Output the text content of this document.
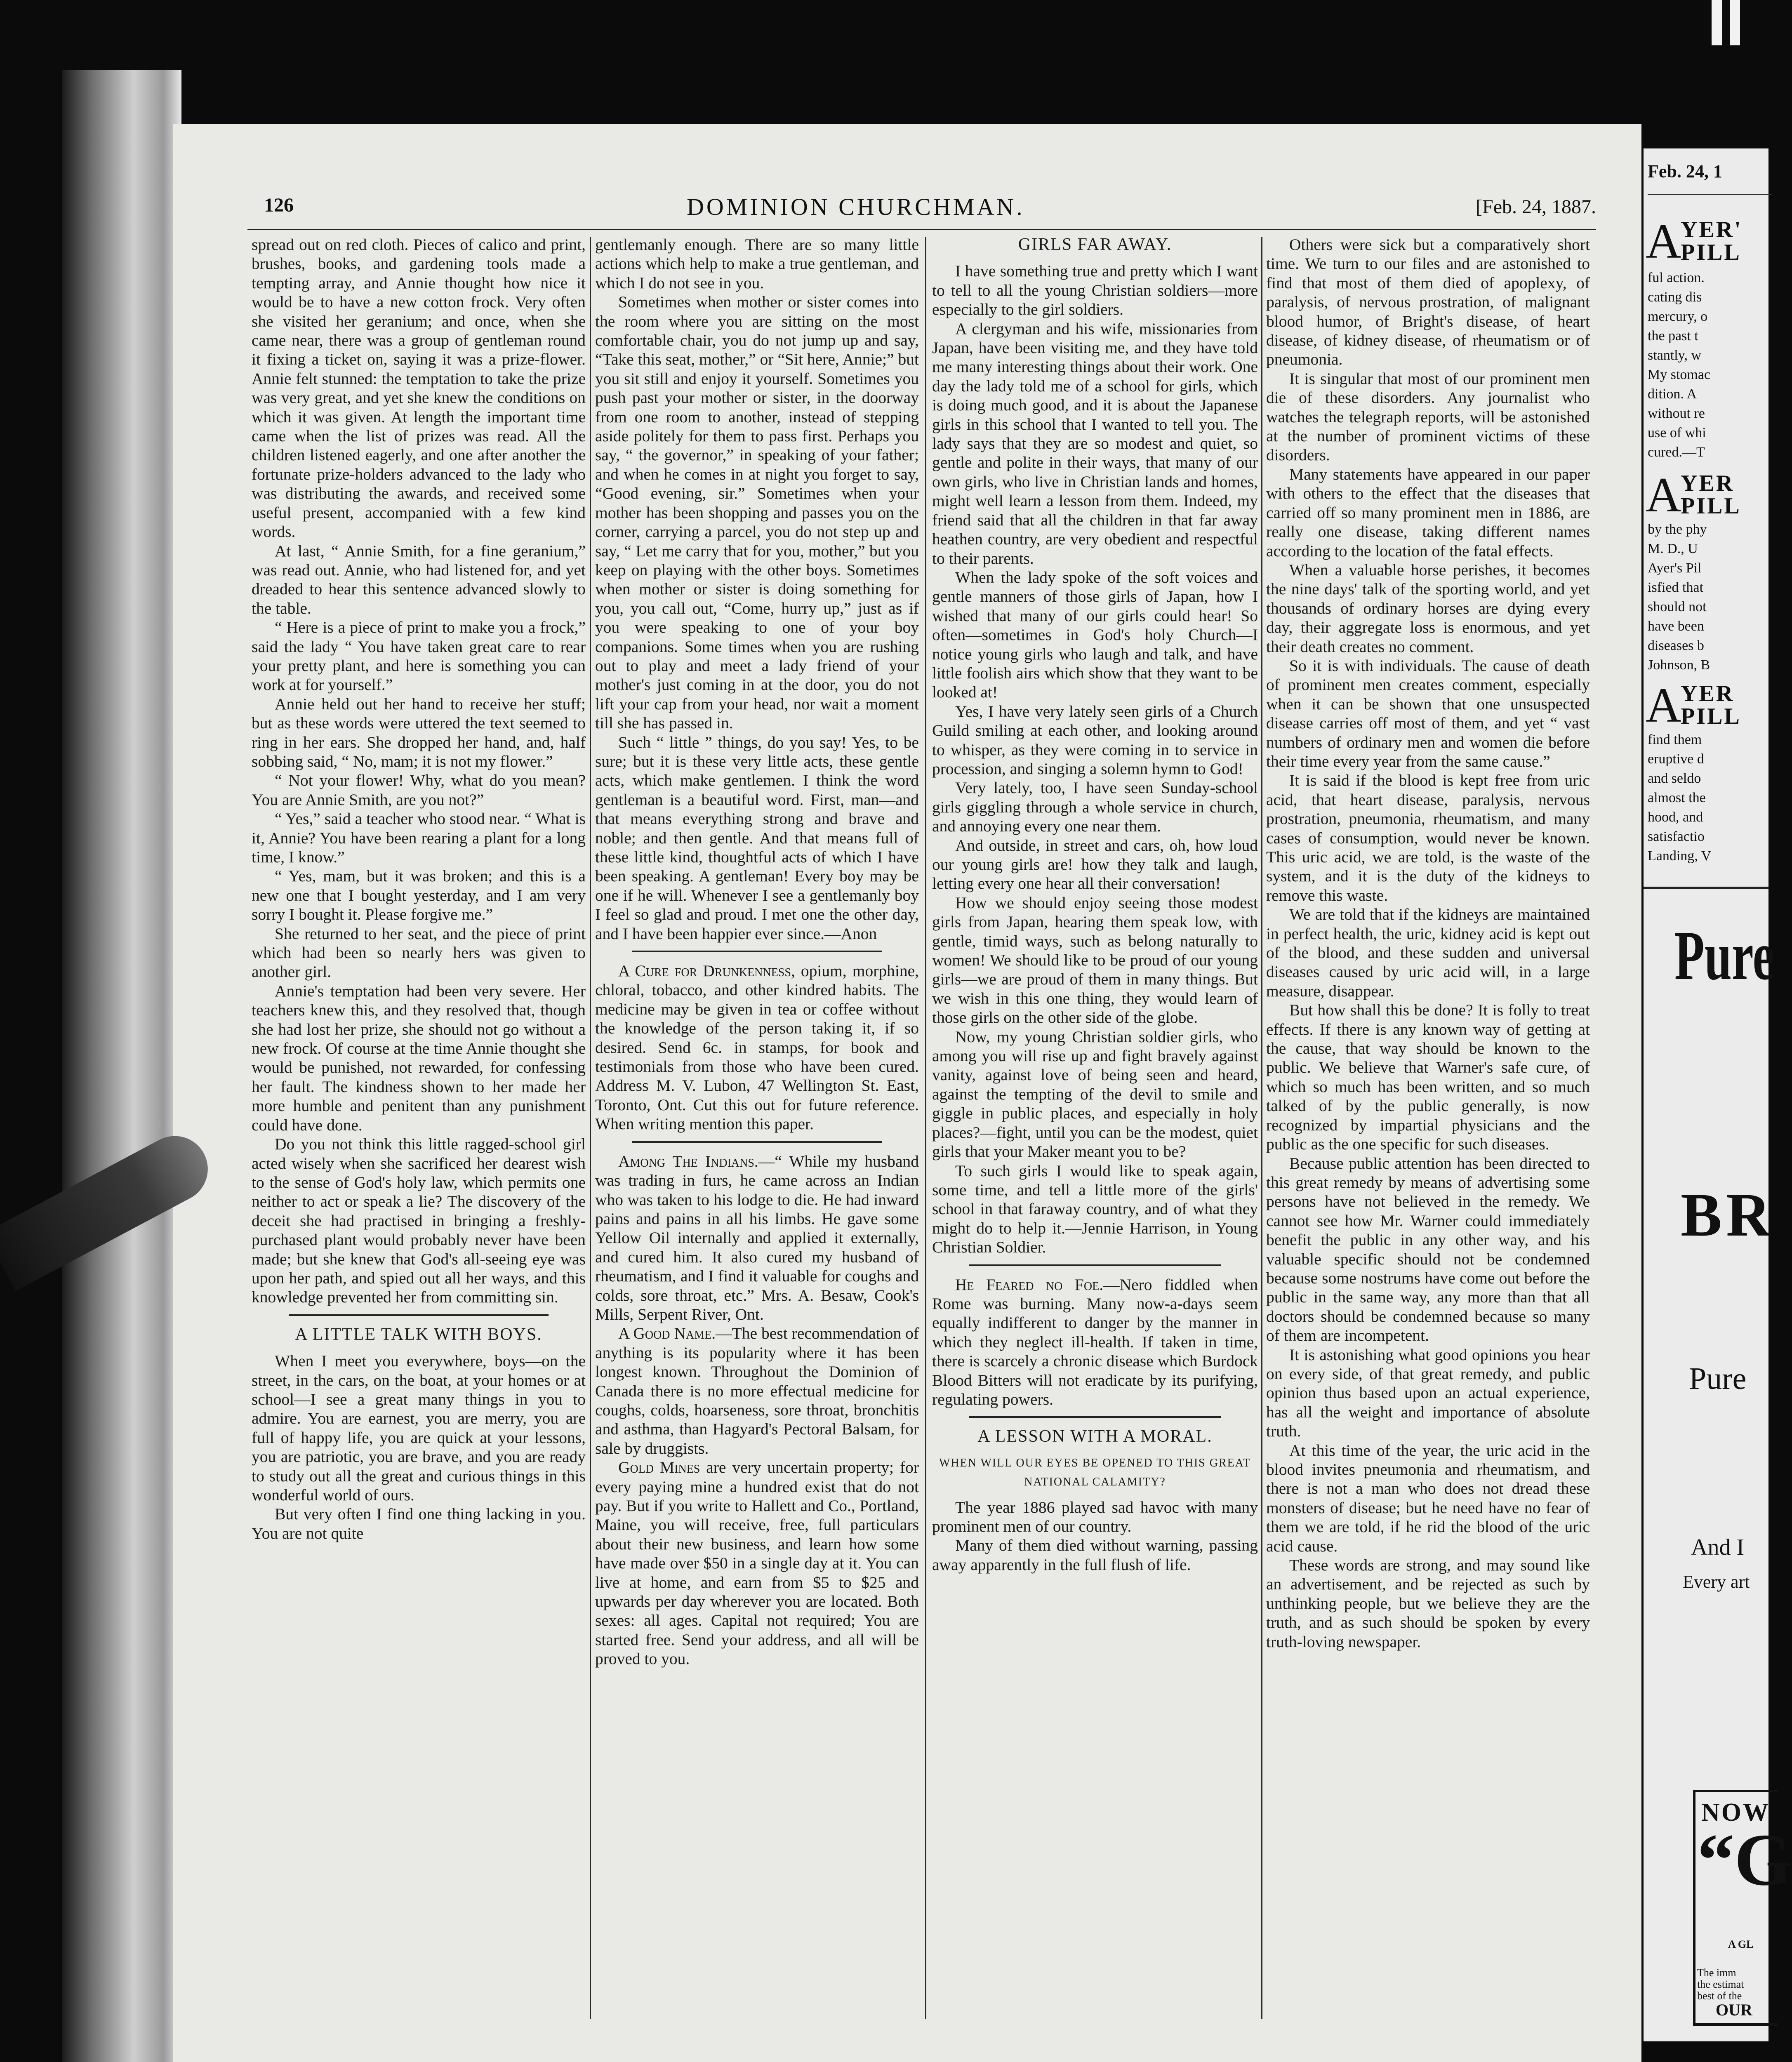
Feb. 24, 1
A
YER'
PILL
ful action.
cating dis
mercury, o
the past t
stantly, w
My stomac
dition. A
without re
use of whi
cured.—T
A
YER
PILL
by the phy
M. D., U
Ayer's Pil
isfied that
should not
have been
diseases b
Johnson, B
A
YER
PILL
find them
eruptive d
and seldo
almost the
hood, and
satisfactio
Landing, V
Pure
BR
Pure
And I
Every art
NOW
“G
A GL
The imm
the estimat
best of the
OUR
126	DOMINION CHURCHMAN.	[Feb. 24, 1887.

spread out on red cloth. Pieces of calico and print, brushes, books, and gardening tools made a tempting array, and Annie thought how nice it would be to have a new cotton frock. Very often she visited her geranium; and once, when she came near, there was a group of gentleman round it fixing a ticket on, saying it was a prize-flower. Annie felt stunned: the temptation to take the prize was very great, and yet she knew the conditions on which it was given. At length the important time came when the list of prizes was read. All the children listened eagerly, and one after another the fortunate prize-holders advanced to the lady who was distributing the awards, and received some useful present, accompanied with a few kind words.

At last, “ Annie Smith, for a fine geranium,” was read out. Annie, who had listened for, and yet dreaded to hear this sentence advanced slowly to the table.

“ Here is a piece of print to make you a frock,” said the lady “ You have taken great care to rear your pretty plant, and here is something you can work at for yourself.”

Annie held out her hand to receive her stuff; but as these words were uttered the text seemed to ring in her ears. She dropped her hand, and, half sobbing said, “ No, mam; it is not my flower.”

“ Not your flower! Why, what do you mean? You are Annie Smith, are you not?”

“ Yes,” said a teacher who stood near. “ What is it, Annie? You have been rearing a plant for a long time, I know.”

“ Yes, mam, but it was broken; and this is a new one that I bought yesterday, and I am very sorry I bought it. Please forgive me.”

She returned to her seat, and the piece of print which had been so nearly hers was given to another girl.

Annie's temptation had been very severe. Her teachers knew this, and they resolved that, though she had lost her prize, she should not go without a new frock. Of course at the time Annie thought she would be punished, not rewarded, for confessing her fault. The kindness shown to her made her more humble and penitent than any punishment could have done.

Do you not think this little ragged-school girl acted wisely when she sacrificed her dearest wish to the sense of God's holy law, which permits one neither to act or speak a lie? The discovery of the deceit she had practised in bringing a freshly-purchased plant would probably never have been made; but she knew that God's all-seeing eye was upon her path, and spied out all her ways, and this knowledge prevented her from committing sin.

A LITTLE TALK WITH BOYS.

When I meet you everywhere, boys—on the street, in the cars, on the boat, at your homes or at school—I see a great many things in you to admire. You are earnest, you are merry, you are full of happy life, you are quick at your lessons, you are patriotic, you are brave, and you are ready to study out all the great and curious things in this wonderful world of ours.

But very often I find one thing lacking in you. You are not quite

gentlemanly enough. There are so many little actions which help to make a true gentleman, and which I do not see in you.

Sometimes when mother or sister comes into the room where you are sitting on the most comfortable chair, you do not jump up and say, “Take this seat, mother,” or “Sit here, Annie;” but you sit still and enjoy it yourself. Sometimes you push past your mother or sister, in the doorway from one room to another, instead of stepping aside politely for them to pass first. Perhaps you say, “ the governor,” in speaking of your father; and when he comes in at night you forget to say, “Good evening, sir.” Sometimes when your mother has been shopping and passes you on the corner, carrying a parcel, you do not step up and say, “ Let me carry that for you, mother,” but you keep on playing with the other boys. Sometimes when mother or sister is doing something for you, you call out, “Come, hurry up,” just as if you were speaking to one of your boy companions. Some times when you are rushing out to play and meet a lady friend of your mother's just coming in at the door, you do not lift your cap from your head, nor wait a moment till she has passed in.

Such “ little ” things, do you say! Yes, to be sure; but it is these very little acts, these gentle acts, which make gentlemen. I think the word gentleman is a beautiful word. First, man—and that means everything strong and brave and noble; and then gentle. And that means full of these little kind, thoughtful acts of which I have been speaking. A gentleman! Every boy may be one if he will. Whenever I see a gentlemanly boy I feel so glad and proud. I met one the other day, and I have been happier ever since.—Anon

A Cure for Drunkenness, opium, morphine, chloral, tobacco, and other kindred habits. The medicine may be given in tea or coffee without the knowledge of the person taking it, if so desired. Send 6c. in stamps, for book and testimonials from those who have been cured. Address M. V. Lubon, 47 Wellington St. East, Toronto, Ont. Cut this out for future reference. When writing mention this paper.

Among The Indians.—“ While my husband was trading in furs, he came across an Indian who was taken to his lodge to die. He had inward pains and pains in all his limbs. He gave some Yellow Oil internally and applied it externally, and cured him. It also cured my husband of rheumatism, and I find it valuable for coughs and colds, sore throat, etc.” Mrs. A. Besaw, Cook's Mills, Serpent River, Ont.

A Good Name.—The best recommendation of anything is its popularity where it has been longest known. Throughout the Dominion of Canada there is no more effectual medicine for coughs, colds, hoarseness, sore throat, bronchitis and asthma, than Hagyard's Pectoral Balsam, for sale by druggists.

Gold Mines are very uncertain property; for every paying mine a hundred exist that do not pay. But if you write to Hallett and Co., Portland, Maine, you will receive, free, full particulars about their new business, and learn how some have made over $50 in a single day at it. You can live at home, and earn from $5 to $25 and upwards per day wherever you are located. Both sexes: all ages. Capital not required; You are started free. Send your address, and all will be proved to you.

GIRLS FAR AWAY.

I have something true and pretty which I want to tell to all the young Christian soldiers—more especially to the girl soldiers.

A clergyman and his wife, missionaries from Japan, have been visiting me, and they have told me many interesting things about their work. One day the lady told me of a school for girls, which is doing much good, and it is about the Japanese girls in this school that I wanted to tell you. The lady says that they are so modest and quiet, so gentle and polite in their ways, that many of our own girls, who live in Christian lands and homes, might well learn a lesson from them. Indeed, my friend said that all the children in that far away heathen country, are very obedient and respectful to their parents.

When the lady spoke of the soft voices and gentle manners of those girls of Japan, how I wished that many of our girls could hear! So often—sometimes in God's holy Church—I notice young girls who laugh and talk, and have little foolish airs which show that they want to be looked at!

Yes, I have very lately seen girls of a Church Guild smiling at each other, and looking around to whisper, as they were coming in to service in procession, and singing a solemn hymn to God!

Very lately, too, I have seen Sunday-school girls giggling through a whole service in church, and annoying every one near them.

And outside, in street and cars, oh, how loud our young girls are! how they talk and laugh, letting every one hear all their conversation!

How we should enjoy seeing those modest girls from Japan, hearing them speak low, with gentle, timid ways, such as belong naturally to women! We should like to be proud of our young girls—we are proud of them in many things. But we wish in this one thing, they would learn of those girls on the other side of the globe.

Now, my young Christian soldier girls, who among you will rise up and fight bravely against vanity, against love of being seen and heard, against the tempting of the devil to smile and giggle in public places, and especially in holy places?—fight, until you can be the modest, quiet girls that your Maker meant you to be?

To such girls I would like to speak again, some time, and tell a little more of the girls' school in that faraway country, and of what they might do to help it.—Jennie Harrison, in Young Christian Soldier.

He Feared no Foe.—Nero fiddled when Rome was burning. Many now-a-days seem equally indifferent to danger by the manner in which they neglect ill-health. If taken in time, there is scarcely a chronic disease which Burdock Blood Bitters will not eradicate by its purifying, regulating powers.

A LESSON WITH A MORAL.
WHEN WILL OUR EYES BE OPENED TO THIS GREAT NATIONAL CALAMITY?

The year 1886 played sad havoc with many prominent men of our country.

Many of them died without warning, passing away apparently in the full flush of life.

Others were sick but a comparatively short time. We turn to our files and are astonished to find that most of them died of apoplexy, of paralysis, of nervous prostration, of malignant blood humor, of Bright's disease, of heart disease, of kidney disease, of rheumatism or of pneumonia.

It is singular that most of our prominent men die of these disorders. Any journalist who watches the telegraph reports, will be astonished at the number of prominent victims of these disorders.

Many statements have appeared in our paper with others to the effect that the diseases that carried off so many prominent men in 1886, are really one disease, taking different names according to the location of the fatal effects.

When a valuable horse perishes, it becomes the nine days' talk of the sporting world, and yet thousands of ordinary horses are dying every day, their aggregate loss is enormous, and yet their death creates no comment.

So it is with individuals. The cause of death of prominent men creates comment, especially when it can be shown that one unsuspected disease carries off most of them, and yet “ vast numbers of ordinary men and women die before their time every year from the same cause.”

It is said if the blood is kept free from uric acid, that heart disease, paralysis, nervous prostration, pneumonia, rheumatism, and many cases of consumption, would never be known. This uric acid, we are told, is the waste of the system, and it is the duty of the kidneys to remove this waste.

We are told that if the kidneys are maintained in perfect health, the uric, kidney acid is kept out of the blood, and these sudden and universal diseases caused by uric acid will, in a large measure, disappear.

But how shall this be done? It is folly to treat effects. If there is any known way of getting at the cause, that way should be known to the public. We believe that Warner's safe cure, of which so much has been written, and so much talked of by the public generally, is now recognized by impartial physicians and the public as the one specific for such diseases.

Because public attention has been directed to this great remedy by means of advertising some persons have not believed in the remedy. We cannot see how Mr. Warner could immediately benefit the public in any other way, and his valuable specific should not be condemned because some nostrums have come out before the public in the same way, any more than that all doctors should be condemned because so many of them are incompetent.

It is astonishing what good opinions you hear on every side, of that great remedy, and public opinion thus based upon an actual experience, has all the weight and importance of absolute truth.

At this time of the year, the uric acid in the blood invites pneumonia and rheumatism, and there is not a man who does not dread these monsters of disease; but he need have no fear of them we are told, if he rid the blood of the uric acid cause.

These words are strong, and may sound like an advertisement, and be rejected as such by unthinking people, but we believe they are the truth, and as such should be spoken by every truth-loving newspaper.
